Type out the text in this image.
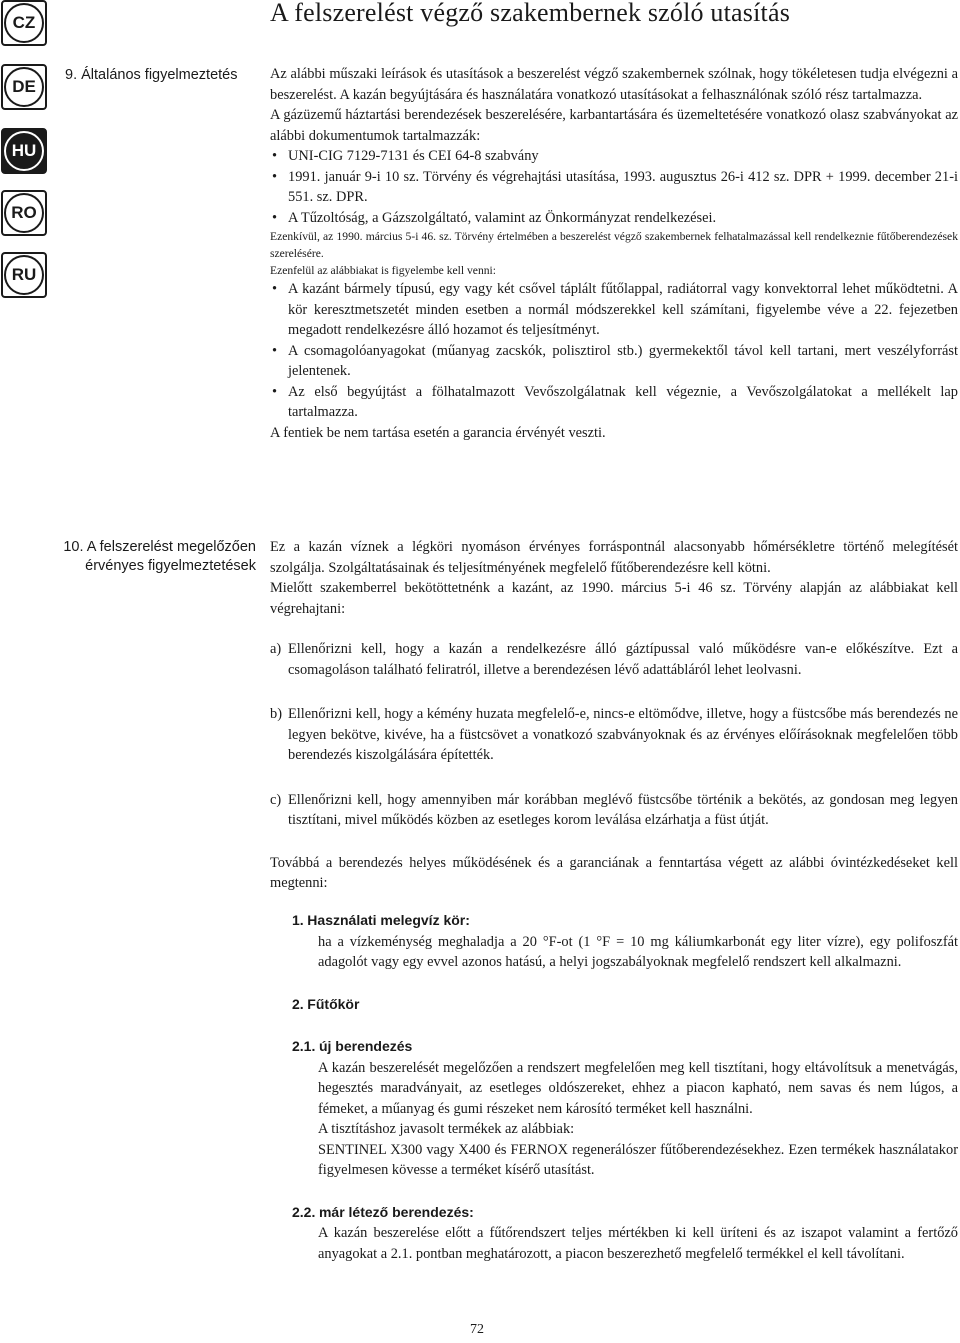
CZ
DE
HU
RO
RU
A felszerelést végző szakembernek szóló utasítás
9. Általános figyelmeztetés Az alábbi műszaki leírások és utasítások a beszerelést végző szakembernek szólnak, hogy tökéletesen tudja elvégezni a beszerelést. A kazán begyújtására és használatára vonatkozó utasításokat a felhasználónak szóló rész tartalmazza.

A gázüzemű háztartási berendezések beszerelésére, karbantartására és üzemeltetésére vonatkozó olasz szabványokat az alábbi dokumentumok tartalmazzák:

• UNI-CIG 7129-7131 és CEI 64-8 szabvány
• 1991. január 9-i 10 sz. Törvény és végrehajtási utasítása, 1993. augusztus 26-i 412 sz. DPR + 1999. december 21-i 551. sz. DPR.
• A Tűzoltóság, a Gázszolgáltató, valamint az Önkormányzat rendelkezései.

Ezenkívül, az 1990. március 5-i 46. sz. Törvény értelmében a beszerelést végző szakembernek felhatalmazással kell rendelkeznie fűtőberendezések szerelésére.

Ezenfelül az alábbiakat is figyelembe kell venni:

• A kazánt bármely típusú, egy vagy két csővel táplált fűtőlappal, radiátorral vagy konvektorral lehet működtetni. A kör keresztmetszetét minden esetben a normál módszerekkel kell számítani, figyelembe véve a 22. fejezetben megadott rendelkezésre álló hozamot és teljesítményt.
• A csomagolóanyagokat (műanyag zacskók, polisztirol stb.) gyermekektől távol kell tartani, mert veszélyforrást jelentenek.
• Az első begyújtást a fölhatalmazott Vevőszolgálatnak kell végeznie, a Vevőszolgálatokat a mellékelt lap tartalmazza.

A fentiek be nem tartása esetén a garancia érvényét veszti.

10. A felszerelést megelőzően
érvényes figyelmeztetések

Ez a kazán víznek a légköri nyomáson érvényes forráspontnál alacsonyabb hőmérsékletre történő melegítését szolgálja. Szolgáltatásainak és teljesítményének megfelelő fűtőberendezésre kell kötni.

Mielőtt szakemberrel bekötöttetnénk a kazánt, az 1990. március 5-i 46 sz. Törvény alapján az alábbiakat kell végrehajtani:

a) Ellenőrizni kell, hogy a kazán a rendelkezésre álló gáztípussal való működésre van-e előkészítve. Ezt a csomagoláson található feliratról, illetve a berendezésen lévő adattábláról lehet leolvasni.

b) Ellenőrizni kell, hogy a kémény huzata megfelelő-e, nincs-e eltömődve, illetve, hogy a füstcsőbe más berendezés ne legyen bekötve, kivéve, ha a füstcsövet a vonatkozó szabványoknak és az érvényes előírásoknak megfelelően több berendezés kiszolgálására építették.

c) Ellenőrizni kell, hogy amennyiben már korábban meglévő füstcsőbe történik a bekötés, az gondosan meg legyen tisztítani, mivel működés közben az esetleges korom leválása elzárhatja a füst útját.

Továbbá a berendezés helyes működésének és a garanciának a fenntartása végett az alábbi óvintézkedéseket kell megtenni:

1. Használati melegvíz kör:

ha a vízkeménység meghaladja a 20 °F-ot (1 °F = 10 mg káliumkarbonát egy liter vízre), egy polifoszfát adagolót vagy egy evvel azonos hatású, a helyi jogszabályoknak megfelelő rendszert kell alkalmazni.

2. Fűtőkör

2.1. új berendezés

A kazán beszerelését megelőzően a rendszert megfelelően meg kell tisztítani, hogy eltávolítsuk a menetvágás, hegesztés maradványait, az esetleges oldószereket, ehhez a piacon kapható, nem savas és nem lúgos, a fémeket, a műanyag és gumi részeket nem károsító terméket kell használni.

A tisztításhoz javasolt termékek az alábbiak:

SENTINEL X300 vagy X400 és FERNOX regenerálószer fűtőberendezésekhez. Ezen termékek használatakor figyelmesen kövesse a terméket kísérő utasítást.

2.2. már létező berendezés:

A kazán beszerelése előtt a fűtőrendszert teljes mértékben ki kell üríteni és az iszapot valamint a fertőző anyagokat a 2.1. pontban meghatározott, a piacon beszerezhető megfelelő termékkel el kell távolítani.

72
